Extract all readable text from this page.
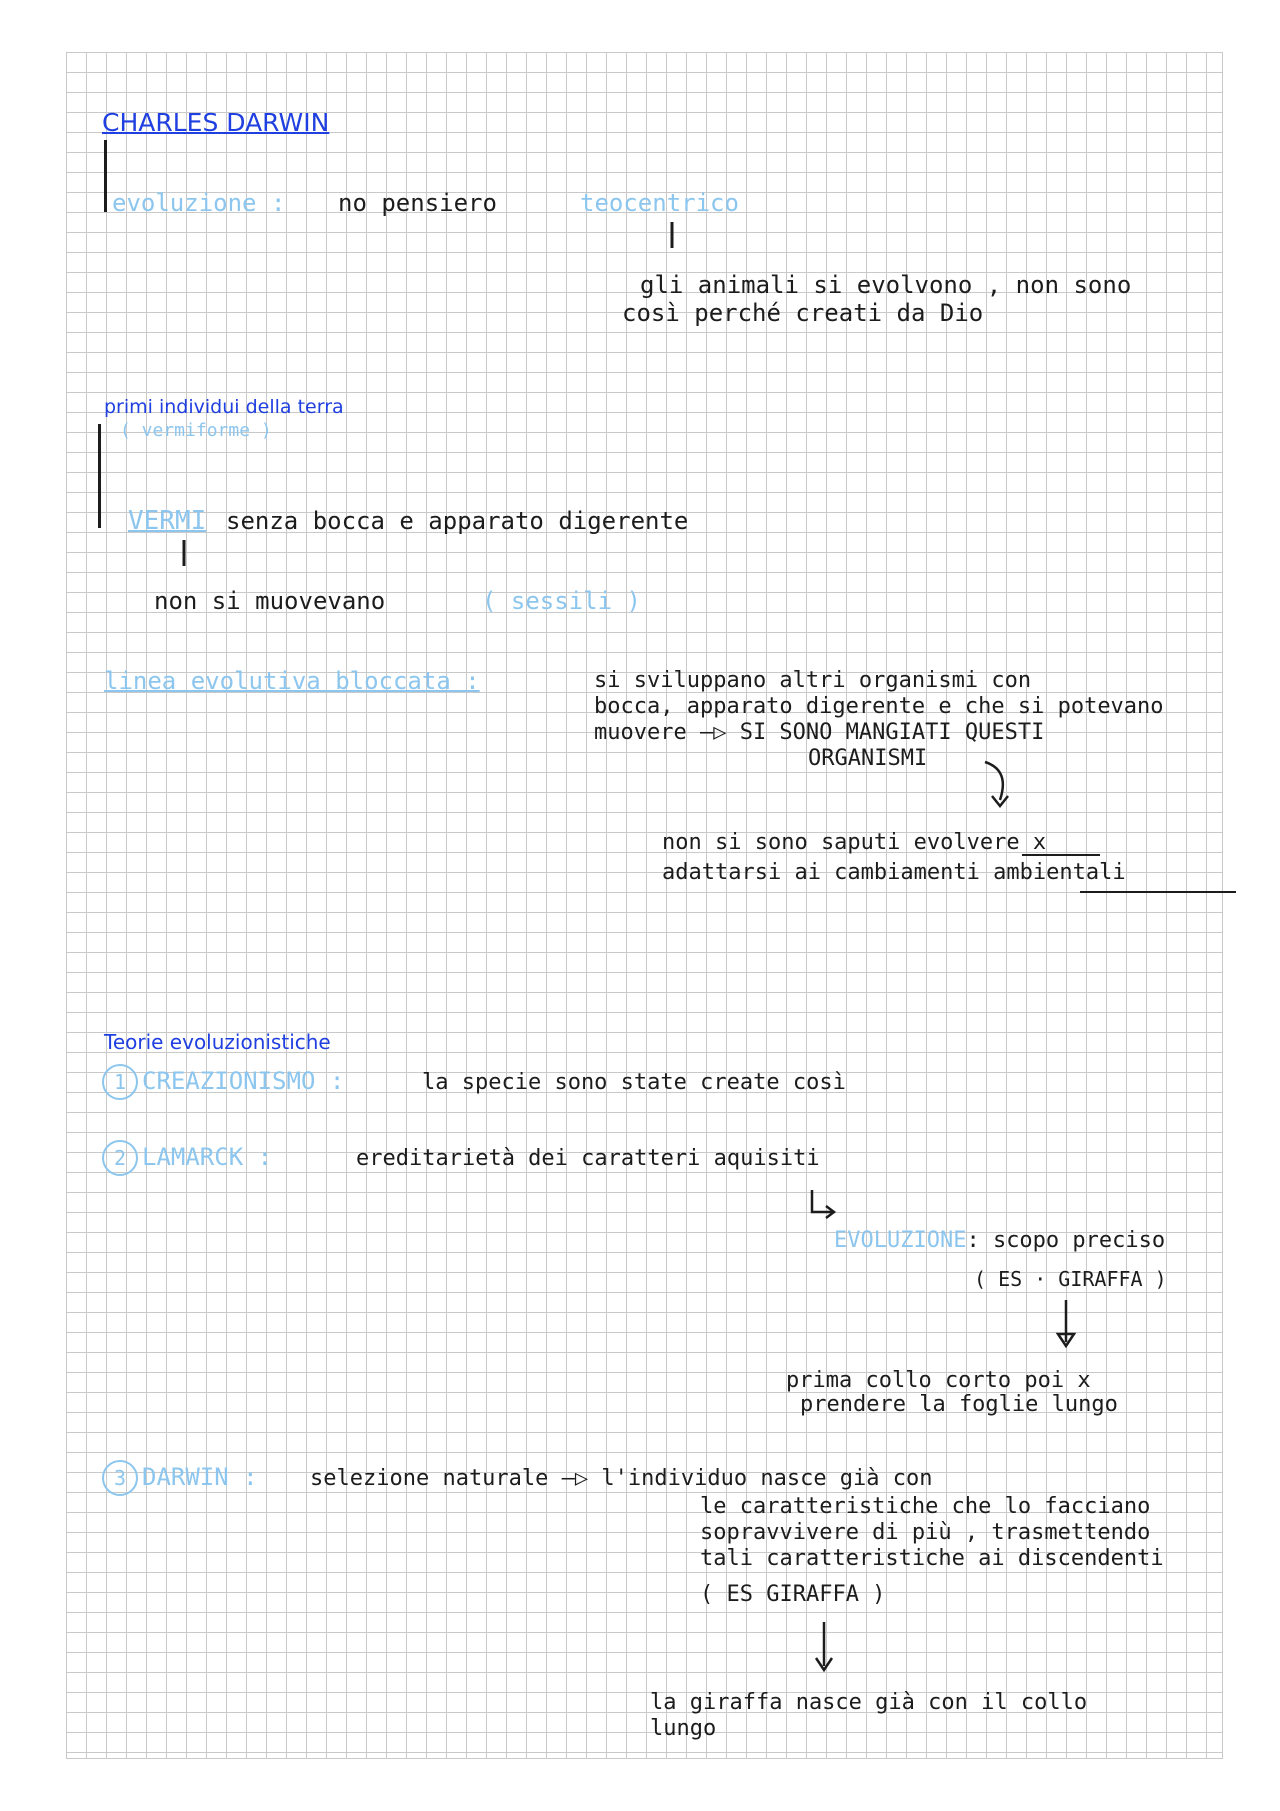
CHARLES DARWIN
evoluzione : no pensiero	teocentrico
gli animali si evolvono , non sono
così perché creati da Dio
primi individui della terra
( vermiforme )
VERMI senza bocca e apparato digerente
non si muovevano	( sessili )
linea evolutiva bloccata :	si sviluppano altri organismi con
bocca, apparato digerente e che si potevano
muovere —▷ SI SONO MANGIATI QUESTI
ORGANISMI
non si sono saputi evolvere x
adattarsi ai cambiamenti ambientali
Teorie evoluzionistiche
1 CREAZIONISMO :	la specie sono state create così
2 LAMARCK :	ereditarietà dei caratteri aquisiti
EVOLUZIONE: scopo preciso
( ES · GIRAFFA )
prima collo corto poi x
prendere la foglie lungo
3 DARWIN : selezione naturale —▷ l'individuo nasce già con
le caratteristiche che lo facciano
sopravvivere di più , trasmettendo
tali caratteristiche ai discendenti
( ES GIRAFFA )
la giraffa nasce già con il collo
lungo
